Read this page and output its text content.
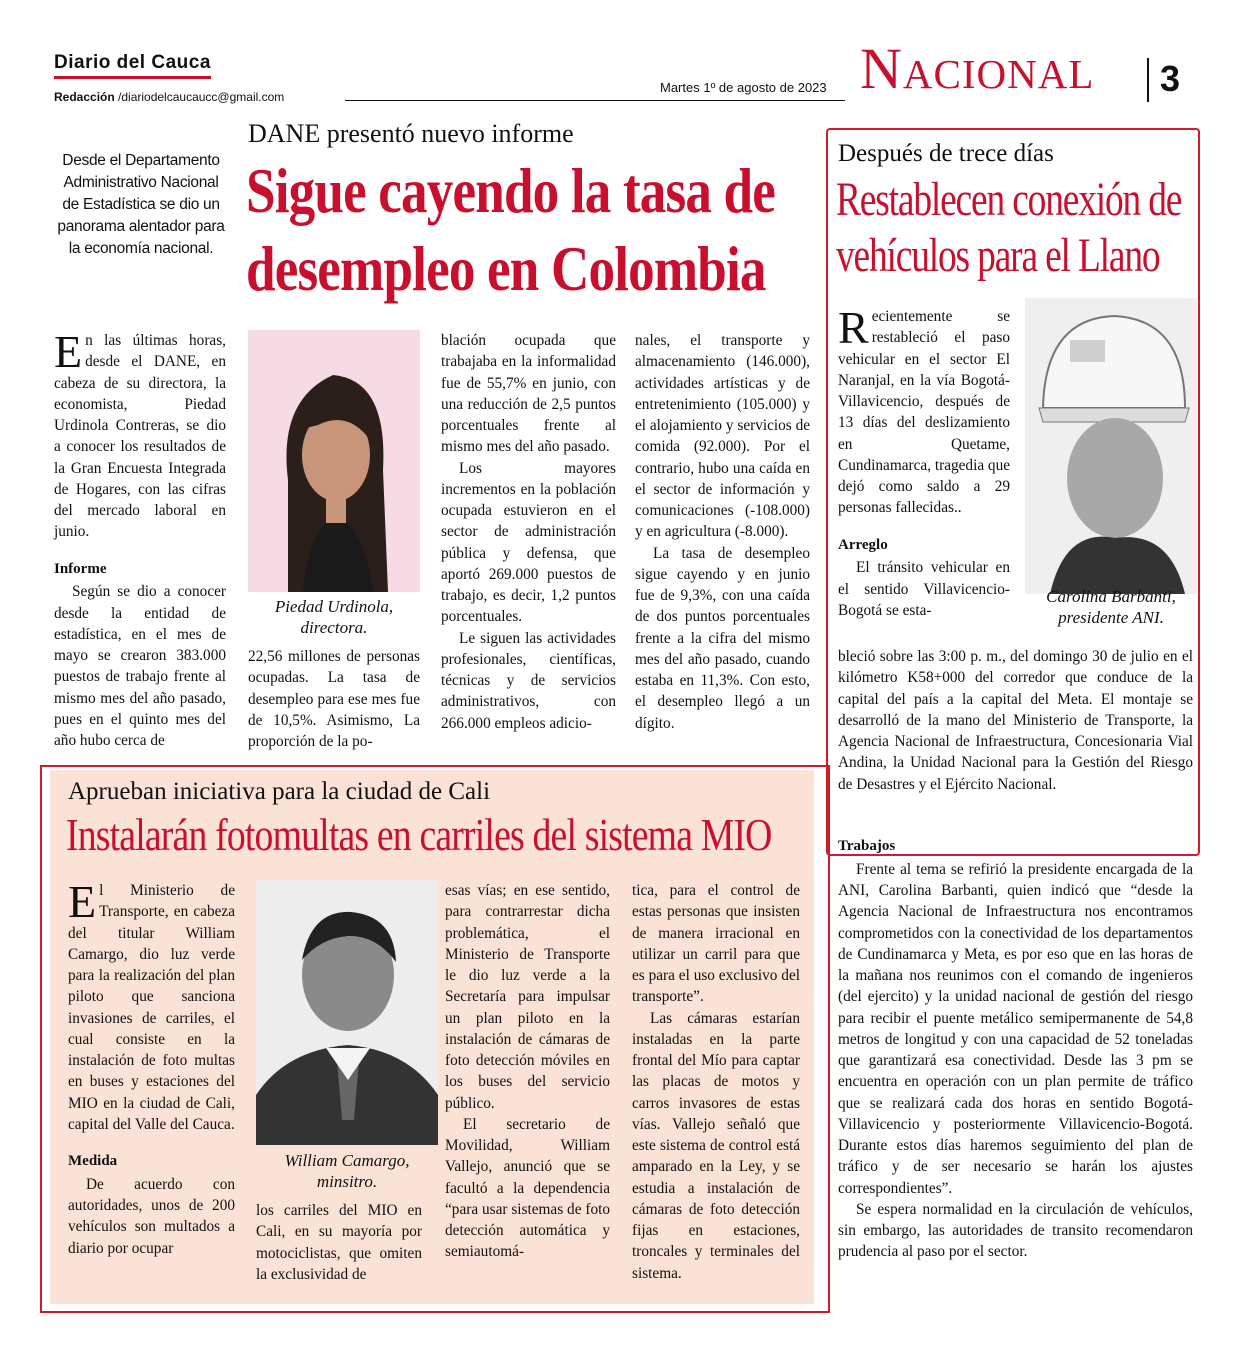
Diario del Cauca
Redacción /diariodelcaucaucc@gmail.com
Martes 1º de agosto de 2023 Nacional 3
DANE presentó nuevo informe
Sigue cayendo la tasa de
desempleo en Colombia
Desde el Departamento Administrativo Nacional de Estadística se dio un panorama alentador para la economía nacional.

En las últimas horas, desde el DANE, en cabeza de su directora, la economista, Piedad Urdinola Contreras, se dio a conocer los resultados de la Gran Encuesta Integrada de Hogares, con las cifras del mercado laboral en junio.

Informe

Según se dio a conocer desde la entidad de estadística, en el mes de mayo se crearon 383.000 puestos de trabajo frente al mismo mes del año pasado, pues en el quinto mes del año hubo cerca de

Piedad Urdinola,
directora.

22,56 millones de personas ocupadas. La tasa de desempleo para ese mes fue de 10,5%. Asimismo, La proporción de la po-

blación ocupada que trabajaba en la informalidad fue de 55,7% en junio, con una reducción de 2,5 puntos porcentuales frente al mismo mes del año pasado.

Los mayores incrementos en la población ocupada estuvieron en el sector de administración pública y defensa, que aportó 269.000 puestos de trabajo, es decir, 1,2 puntos porcentuales.

Le siguen las actividades profesionales, científicas, técnicas y de servicios administrativos, con 266.000 empleos adicio-

nales, el transporte y almacenamiento (146.000), actividades artísticas y de entretenimiento (105.000) y el alojamiento y servicios de comida (92.000). Por el contrario, hubo una caída en el sector de información y comunicaciones (-108.000) y en agricultura (-8.000).

La tasa de desempleo sigue cayendo y en junio fue de 9,3%, con una caída de dos puntos porcentuales frente a la cifra del mismo mes del año pasado, cuando estaba en 11,3%. Con esto, el desempleo llegó a un dígito.

Después de trece días
Restablecen conexión de
vehículos para el Llano

Recientemente se restableció el paso vehicular en el sector El Naranjal, en la vía Bogotá-Villavicencio, después de 13 días del deslizamiento en Quetame, Cundinamarca, tragedia que dejó como saldo a 29 personas fallecidas..

Arreglo

El tránsito vehicular en el sentido Villavicencio-Bogotá se esta-

Carolina Barbanti,
presidente ANI.

bleció sobre las 3:00 p. m., del domingo 30 de julio en el kilómetro K58+000 del corredor que conduce de la capital del país a la capital del Meta. El montaje se desarrolló de la mano del Ministerio de Transporte, la Agencia Nacional de Infraestructura, Concesionaria Vial Andina, la Unidad Nacional para la Gestión del Riesgo de Desastres y el Ejército Nacional.

Trabajos

Frente al tema se refirió la presidente encargada de la ANI, Carolina Barbanti, quien indicó que “desde la Agencia Nacional de Infraestructura nos encontramos comprometidos con la conectividad de los departamentos de Cundinamarca y Meta, es por eso que en las horas de la mañana nos reunimos con el comando de ingenieros (del ejercito) y la unidad nacional de gestión del riesgo para recibir el puente metálico semipermanente de 54,8 metros de longitud y con una capacidad de 52 toneladas que garantizará esa conectividad. Desde las 3 pm se encuentra en operación con un plan permite de tráfico que se realizará cada dos horas en sentido Bogotá-Villavicencio y posteriormente Villavicencio-Bogotá. Durante estos días haremos seguimiento del plan de tráfico y de ser necesario se harán los ajustes correspondientes”.

Se espera normalidad en la circulación de vehículos, sin embargo, las autoridades de transito recomendaron prudencia al paso por el sector.

Aprueban iniciativa para la ciudad de Cali
Instalarán fotomultas en carriles del sistema MIO

El Ministerio de Transporte, en cabeza del titular William Camargo, dio luz verde para la realización del plan piloto que sanciona invasiones de carriles, el cual consiste en la instalación de foto multas en buses y estaciones del MIO en la ciudad de Cali, capital del Valle del Cauca.

Medida

De acuerdo con autoridades, unos de 200 vehículos son multados a diario por ocupar

William Camargo,
minsitro.

los carriles del MIO en Cali, en su mayoría por motociclistas, que omiten la exclusividad de

esas vías; en ese sentido, para contrarrestar dicha problemática, el Ministerio de Transporte le dio luz verde a la Secretaría para impulsar un plan piloto en la instalación de cámaras de foto detección móviles en los buses del servicio público.

El secretario de Movilidad, William Vallejo, anunció que se facultó a la dependencia “para usar sistemas de foto detección automática y semiautomá-

tica, para el control de estas personas que insisten de manera irracional en utilizar un carril para que es para el uso exclusivo del transporte”.

Las cámaras estarían instaladas en la parte frontal del Mío para captar las placas de motos y carros invasores de estas vías. Vallejo señaló que este sistema de control está amparado en la Ley, y se estudia a instalación de cámaras de foto detección fijas en estaciones, troncales y terminales del sistema.
